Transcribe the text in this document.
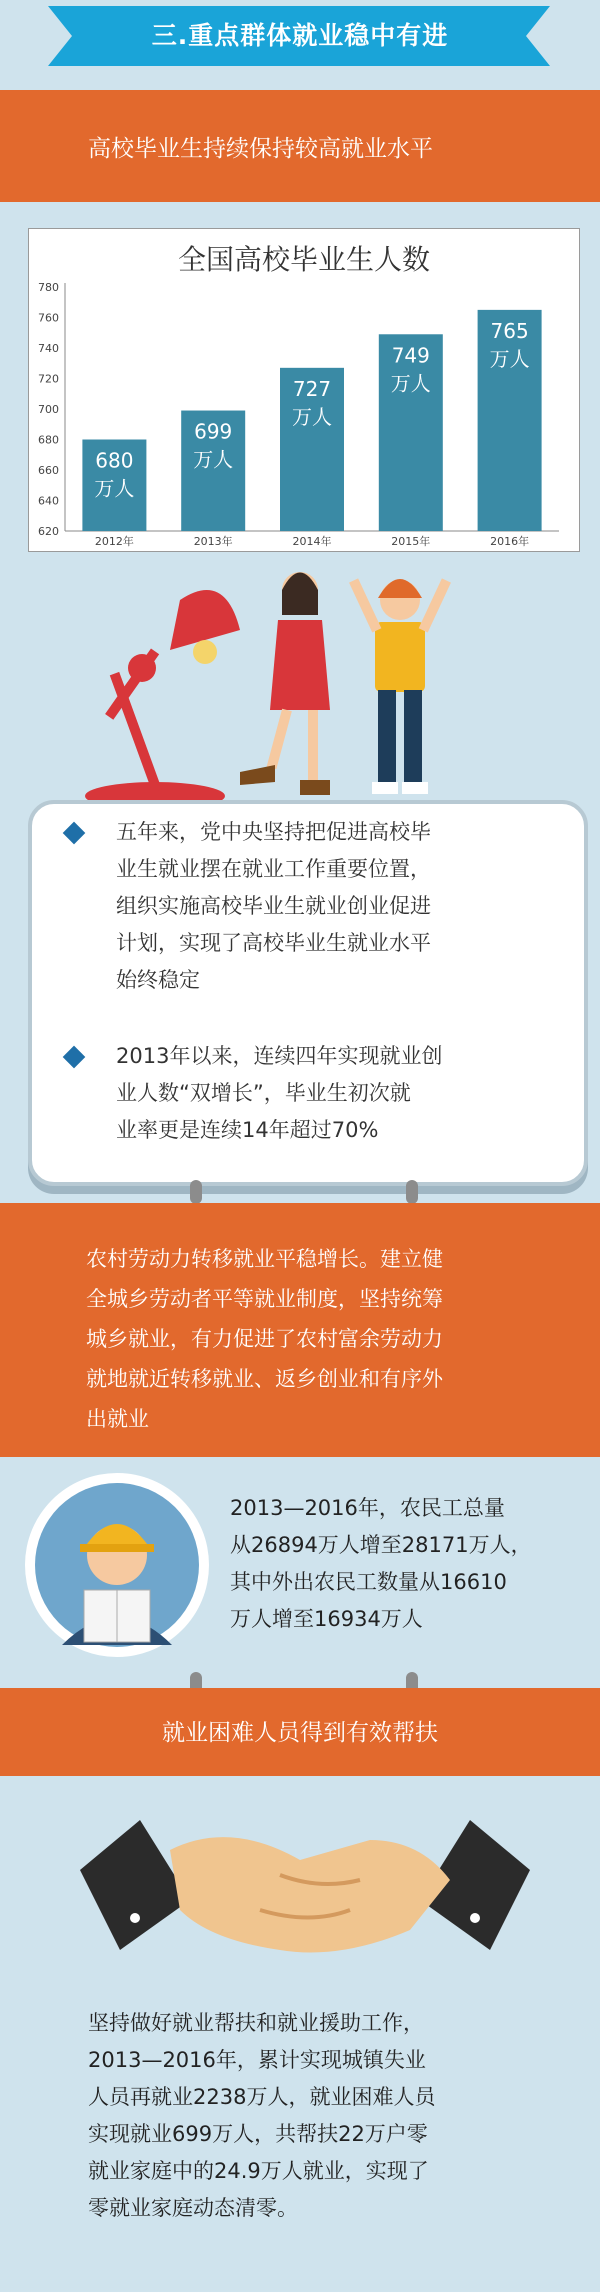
三.重点群体就业稳中有进
高校毕业生持续保持较高就业水平
全国高校毕业生人数
620
640
660
680
700
720
740
760
780
680
万人
699
万人
727
万人
749
万人
765
万人
2012年	2013年	2014年	2015年	2016年
五年来，党中央坚持把促进高校毕
业生就业摆在就业工作重要位置，
组织实施高校毕业生就业创业促进
计划，实现了高校毕业生就业水平
始终稳定
2013年以来，连续四年实现就业创
业人数“双增长”，毕业生初次就
业率更是连续14年超过70%

农村劳动力转移就业平稳增长。建立健
全城乡劳动者平等就业制度，坚持统筹
城乡就业，有力促进了农村富余劳动力
就地就近转移就业、返乡创业和有序外
出就业

2013—2016年，农民工总量
从26894万人增至28171万人，
其中外出农民工数量从16610
万人增至16934万人
就业困难人员得到有效帮扶
坚持做好就业帮扶和就业援助工作，
2013—2016年，累计实现城镇失业
人员再就业2238万人，就业困难人员
实现就业699万人，共帮扶22万户零
就业家庭中的24.9万人就业，实现了
零就业家庭动态清零。
